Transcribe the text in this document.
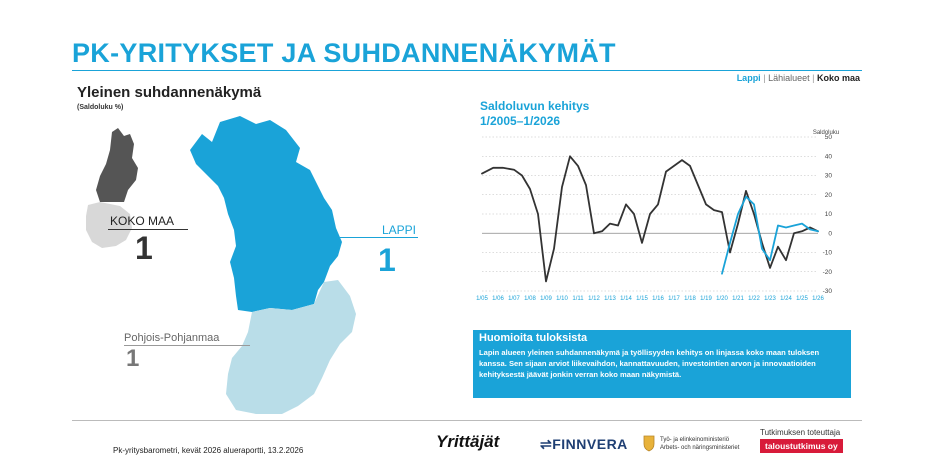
PK-YRITYKSET JA SUHDANNENÄKYMÄT
Lappi | Lähialueet | Koko maa
Yleinen suhdannenäkymä
(Saldoluku %)
KOKO MAA
1	LAPPI
1
Pohjois-Pohjanmaa
1
Saldoluvun kehitys
1/2005–1/2026
Saldoluku
50
40
30
20
10
0
-10
-20
-30
1/05 1/06 1/07 1/08 1/09 1/10 1/11 1/12 1/13 1/14 1/15 1/16 1/17 1/18 1/19 1/20 1/21 1/22 1/23 1/24 1/25 1/26
Huomioita tuloksista
Lapin alueen yleinen suhdannenäkymä ja työllisyyden kehitys on linjassa koko maan tuloksen kanssa. Sen sijaan arviot liikevaihdon, kannattavuuden, investointien arvon ja innovaatioiden kehityksestä jäävät jonkin verran koko maan näkymistä.
Pk-yritysbarometri, kevät 2026 alueraportti, 13.2.2026	Yrittäjät	⇌FINNVERA	Työ- ja elinkeinoministeriö
Arbets- och näringsministeriet
Tutkimuksen toteuttaja
taloustutkimus oy
